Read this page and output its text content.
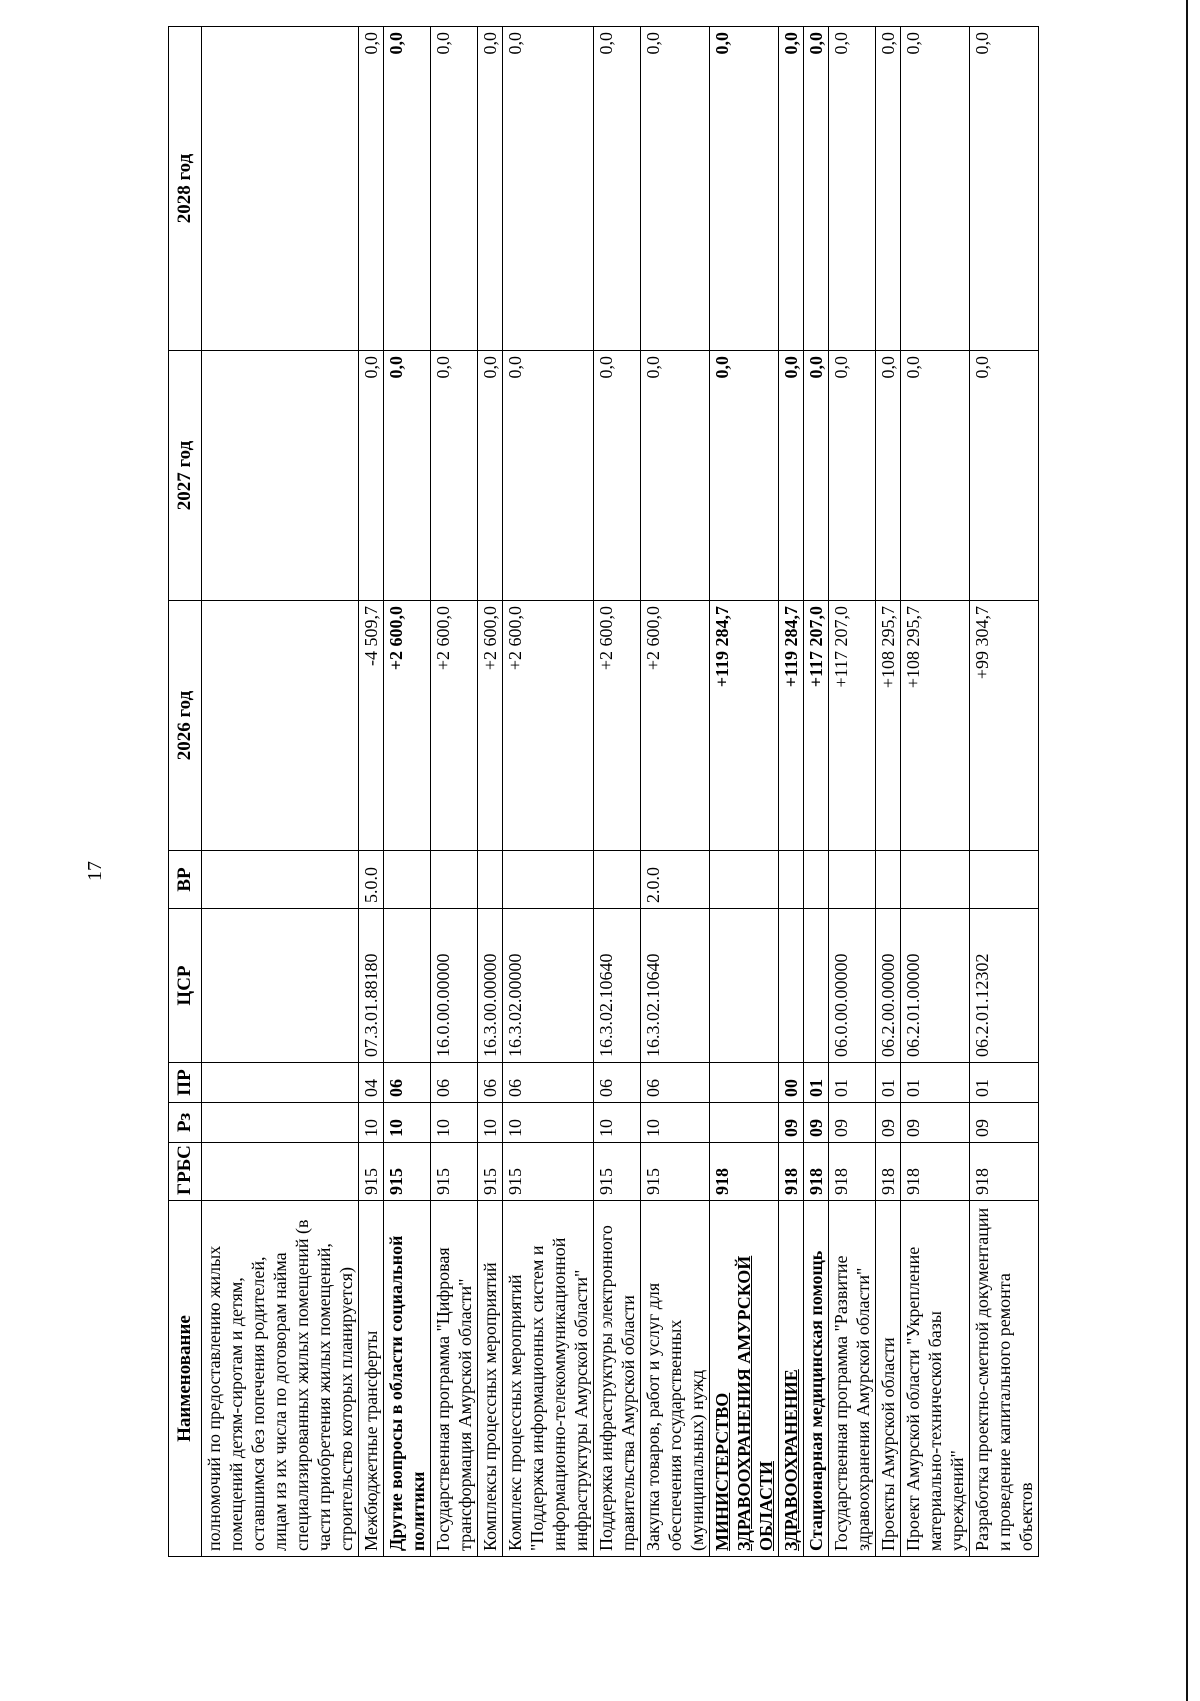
17
Наименование	ГРБС	Рз	ПР	ЦСР	ВР	2026 год	2027 год	2028 год
полномочий по предоставлению жилых помещений детям-сиротам и детям, оставшимся без попечения родителей, лицам из их числа по договорам найма специализированных жилых помещений (в части приобретения жилых помещений, строительство которых планируется)								
Межбюджетные трансферты	915	10	04	07.3.01.88180	5.0.0	-4 509,7	0,0	0,0
Другие вопросы в области социальной политики	915	10	06			+2 600,0	0,0	0,0
Государственная программа "Цифровая трансформация Амурской области"	915	10	06	16.0.00.00000		+2 600,0	0,0	0,0
Комплексы процессных мероприятий	915	10	06	16.3.00.00000		+2 600,0	0,0	0,0
Комплекс процессных мероприятий "Поддержка информационных систем и информационно-телекоммуникационной инфраструктуры Амурской области"	915	10	06	16.3.02.00000		+2 600,0	0,0	0,0
Поддержка инфраструктуры электронного правительства Амурской области	915	10	06	16.3.02.10640		+2 600,0	0,0	0,0
Закупка товаров, работ и услуг для обеспечения государственных (муниципальных) нужд	915	10	06	16.3.02.10640	2.0.0	+2 600,0	0,0	0,0
МИНИСТЕРСТВО ЗДРАВООХРАНЕНИЯ АМУРСКОЙ ОБЛАСТИ	918					+119 284,7	0,0	0,0
ЗДРАВООХРАНЕНИЕ	918	09	00			+119 284,7	0,0	0,0
Стационарная медицинская помощь	918	09	01			+117 207,0	0,0	0,0
Государственная программа "Развитие здравоохранения Амурской области"	918	09	01	06.0.00.00000		+117 207,0	0,0	0,0
Проекты Амурской области	918	09	01	06.2.00.00000		+108 295,7	0,0	0,0
Проект Амурской области "Укрепление материально-технической базы учреждений"	918	09	01	06.2.01.00000		+108 295,7	0,0	0,0
Разработка проектно-сметной документации и проведение капитального ремонта объектов	918	09	01	06.2.01.12302		+99 304,7	0,0	0,0
